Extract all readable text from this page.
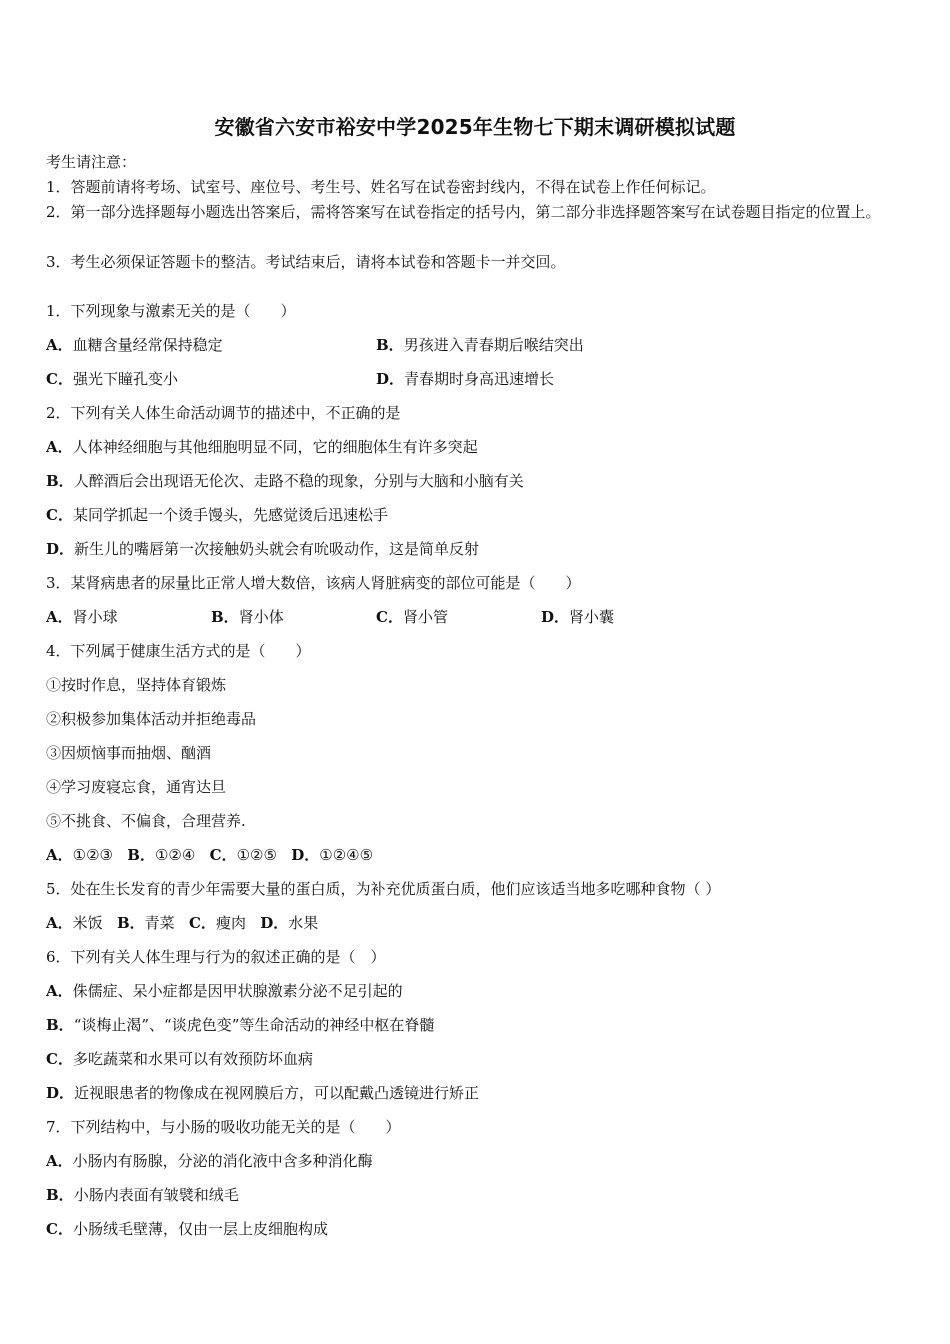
安徽省六安市裕安中学2025年生物七下期末调研模拟试题
考生请注意：
1．答题前请将考场、试室号、座位号、考生号、姓名写在试卷密封线内，不得在试卷上作任何标记。
2．第一部分选择题每小题选出答案后，需将答案写在试卷指定的括号内，第二部分非选择题答案写在试卷题目指定的位置上。
3．考生必须保证答题卡的整洁。考试结束后，请将本试卷和答题卡一并交回。
1．下列现象与激素无关的是（　　）
A．血糖含量经常保持稳定	B．男孩进入青春期后喉结突出
C．强光下瞳孔变小	D．青春期时身高迅速增长
2．下列有关人体生命活动调节的描述中，不正确的是
A．人体神经细胞与其他细胞明显不同，它的细胞体生有许多突起
B．人醉酒后会出现语无伦次、走路不稳的现象，分别与大脑和小脑有关
C．某同学抓起一个烫手馒头，先感觉烫后迅速松手
D．新生儿的嘴唇第一次接触奶头就会有吮吸动作，这是简单反射
3．某肾病患者的尿量比正常人增大数倍，该病人肾脏病变的部位可能是（　　）
A．肾小球	B．肾小体	C．肾小管	D．肾小囊
4．下列属于健康生活方式的是（　　）
①按时作息，坚持体育锻炼
②积极参加集体活动并拒绝毒品
③因烦恼事而抽烟、酗酒
④学习废寝忘食，通宵达旦
⑤不挑食、不偏食，合理营养.
A．①②③ B．①②④ C．①②⑤ D．①②④⑤
5．处在生长发育的青少年需要大量的蛋白质，为补充优质蛋白质，他们应该适当地多吃哪种食物（ ）
A．米饭 B．青菜 C．瘦肉 D．水果
6．下列有关人体生理与行为的叙述正确的是（　）
A．侏儒症、呆小症都是因甲状腺激素分泌不足引起的
B．“谈梅止渴”、“谈虎色变”等生命活动的神经中枢在脊髓
C．多吃蔬菜和水果可以有效预防坏血病
D．近视眼患者的物像成在视网膜后方，可以配戴凸透镜进行矫正
7．下列结构中，与小肠的吸收功能无关的是（　　）
A．小肠内有肠腺，分泌的消化液中含多种消化酶
B．小肠内表面有皱襞和绒毛
C．小肠绒毛壁薄，仅由一层上皮细胞构成
